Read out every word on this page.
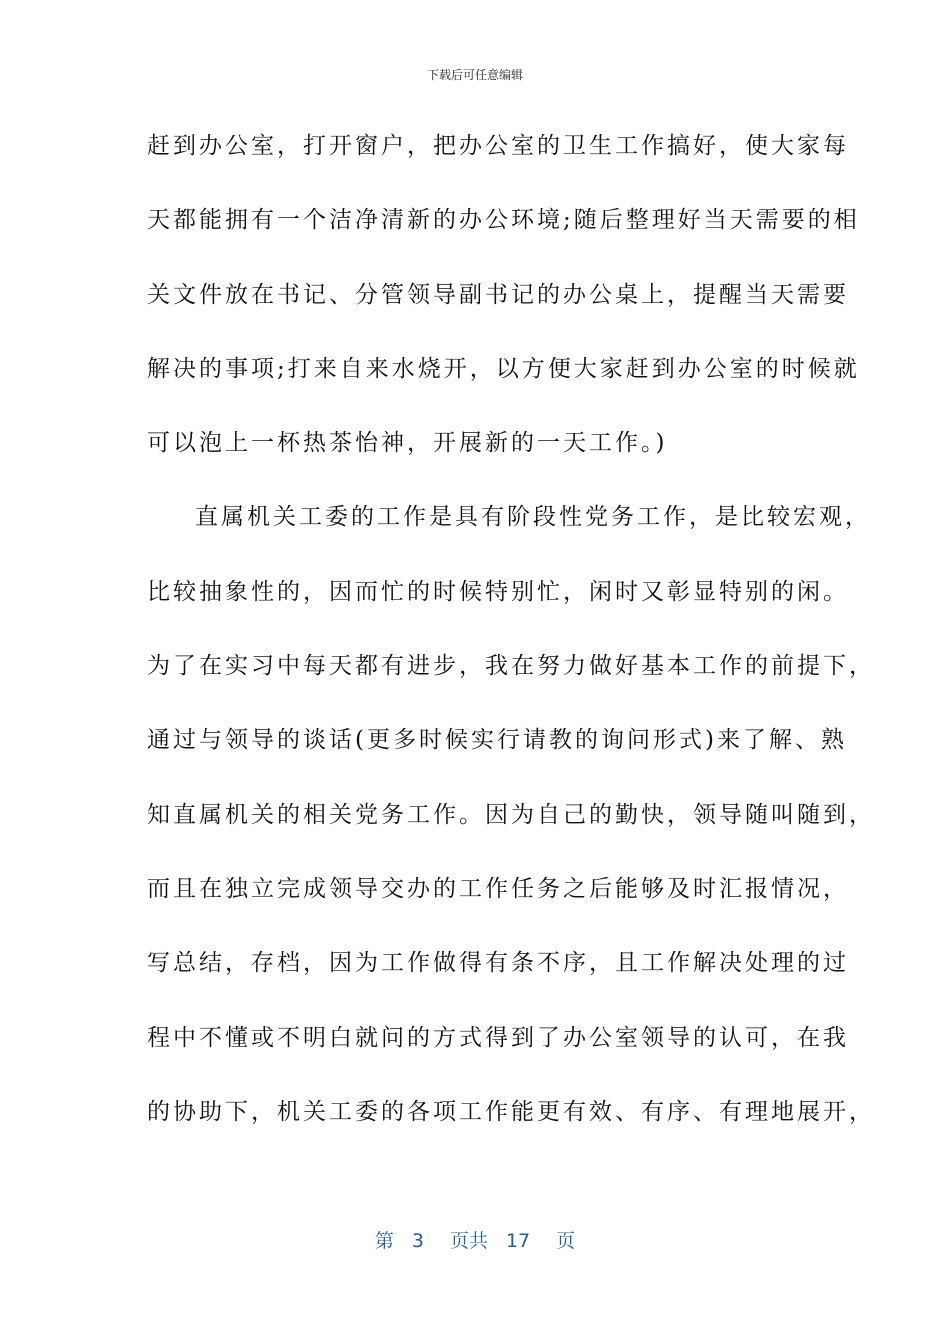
下载后可任意编辑
赶到办公室，打开窗户，把办公室的卫生工作搞好，使大家每
天都能拥有一个洁净清新的办公环境;随后整理好当天需要的相
关文件放在书记、分管领导副书记的办公桌上，提醒当天需要
解决的事项;打来自来水烧开，以方便大家赶到办公室的时候就
可以泡上一杯热茶怡神，开展新的一天工作。)
直属机关工委的工作是具有阶段性党务工作，是比较宏观，
比较抽象性的，因而忙的时候特别忙，闲时又彰显特别的闲。
为了在实习中每天都有进步，我在努力做好基本工作的前提下，
通过与领导的谈话(更多时候实行请教的询问形式)来了解、熟
知直属机关的相关党务工作。因为自己的勤快，领导随叫随到，
而且在独立完成领导交办的工作任务之后能够及时汇报情况，
写总结，存档，因为工作做得有条不序，且工作解决处理的过
程中不懂或不明白就问的方式得到了办公室领导的认可，在我
的协助下，机关工委的各项工作能更有效、有序、有理地展开，
第 3 页共 17 页
